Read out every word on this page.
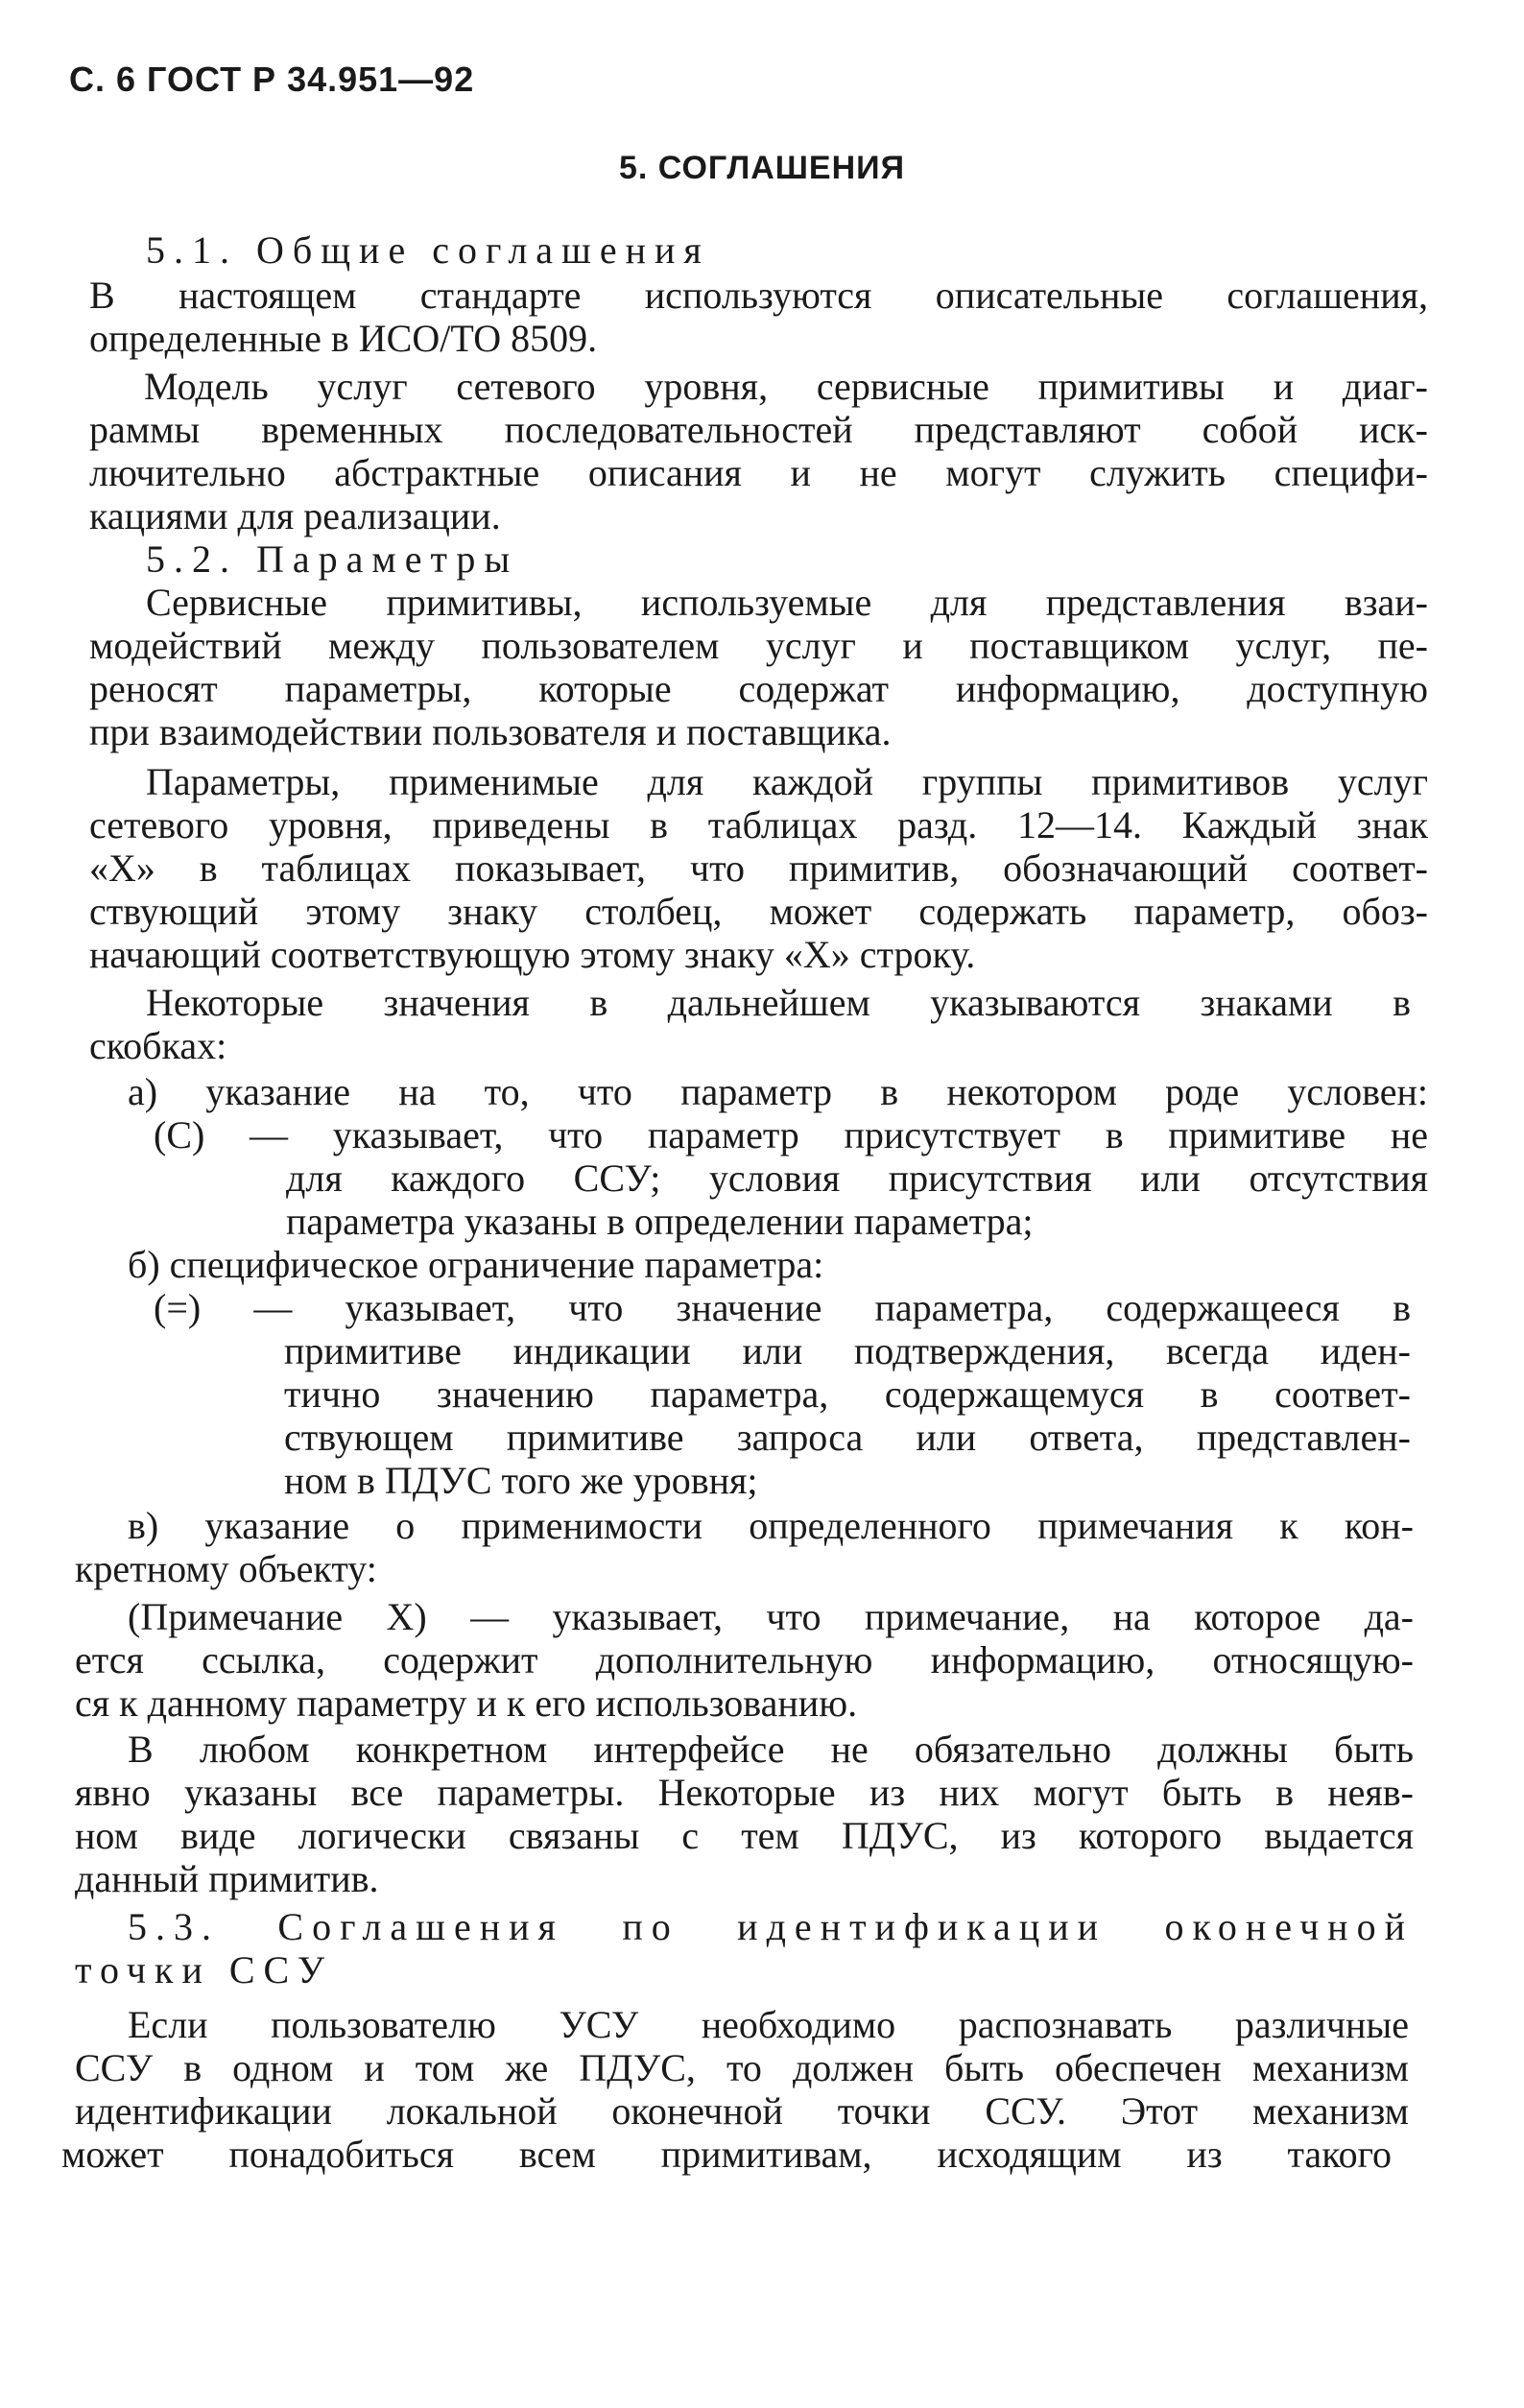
С. 6 ГОСТ Р 34.951—92
5. СОГЛАШЕНИЯ
5.1. Общие соглашения
В настоящем стандарте используются описательные соглашения,
определенные в ИСО/ТО 8509.
Модель услуг сетевого уровня, сервисные примитивы и диаг-
раммы временных последовательностей представляют собой иск-
лючительно абстрактные описания и не могут служить специфи-
кациями для реализации.
5.2. Параметры
Сервисные примитивы, используемые для представления взаи-
модействий между пользователем услуг и поставщиком услуг, пе-
реносят параметры, которые содержат информацию, доступную
при взаимодействии пользователя и поставщика.
Параметры, применимые для каждой группы примитивов услуг
сетевого уровня, приведены в таблицах разд. 12—14. Каждый знак
«Х» в таблицах показывает, что примитив, обозначающий соответ-
ствующий этому знаку столбец, может содержать параметр, обоз-
начающий соответствующую этому знаку «Х» строку.
Некоторые значения в дальнейшем указываются знаками в
скобках:
а) указание на то, что параметр в некотором роде условен:
(С) — указывает, что параметр присутствует в примитиве не
для каждого ССУ; условия присутствия или отсутствия
параметра указаны в определении параметра;
б) специфическое ограничение параметра:
(=) — указывает, что значение параметра, содержащееся в
примитиве индикации или подтверждения, всегда иден-
тично значению параметра, содержащемуся в соответ-
ствующем примитиве запроса или ответа, представлен-
ном в ПДУС того же уровня;
в) указание о применимости определенного примечания к кон-
кретному объекту:
(Примечание Х) — указывает, что примечание, на которое да-
ется ссылка, содержит дополнительную информацию, относящую-
ся к данному параметру и к его использованию.
В любом конкретном интерфейсе не обязательно должны быть
явно указаны все параметры. Некоторые из них могут быть в неяв-
ном виде логически связаны с тем ПДУС, из которого выдается
данный примитив.
5.3. Соглашения по идентификации оконечной
точки ССУ
Если пользователю УСУ необходимо распознавать различные
ССУ в одном и том же ПДУС, то должен быть обеспечен механизм
идентификации локальной оконечной точки ССУ. Этот механизм
может понадобиться всем примитивам, исходящим из такого
